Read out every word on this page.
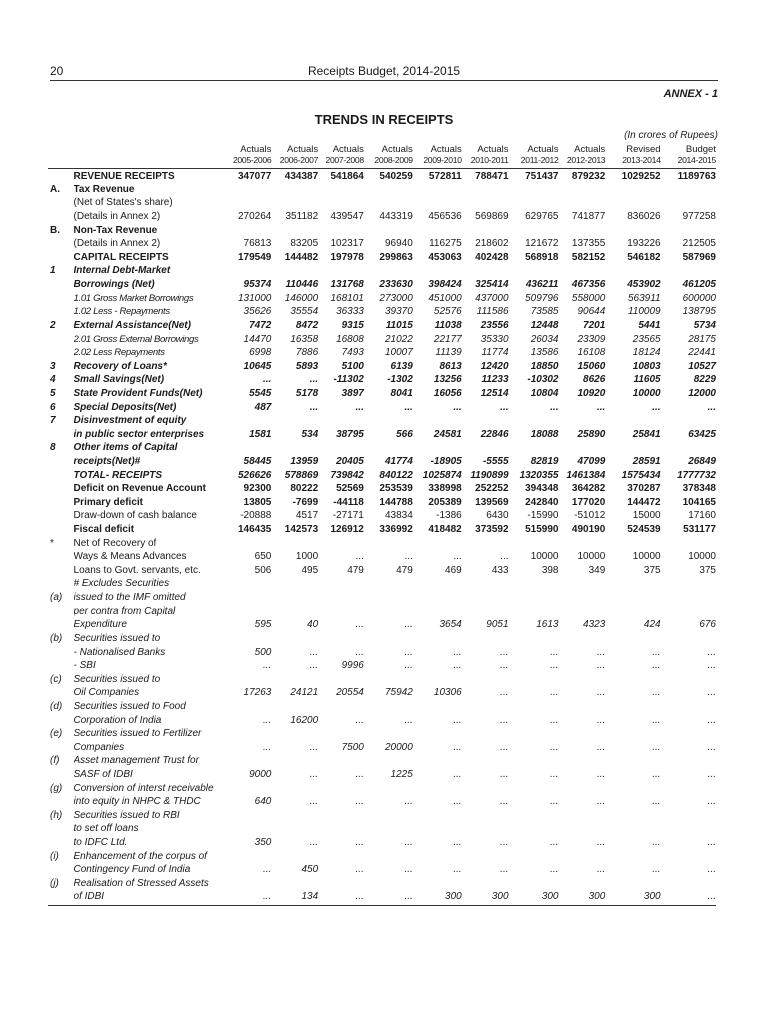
20	Receipts Budget, 2014-2015
ANNEX - 1
TRENDS IN RECEIPTS
(In crores of Rupees)
		Actuals	Actuals	Actuals	Actuals	Actuals	Actuals	Actuals	Actuals	Revised	Budget
		2005-2006	2006-2007	2007-2008	2008-2009	2009-2010	2010-2011	2011-2012	2012-2013	2013-2014	2014-2015
	REVENUE RECEIPTS	347077	434387	541864	540259	572811	788471	751437	879232	1029252	1189763
A.	Tax Revenue										
	(Net of States's share)										
	(Details in Annex 2)	270264	351182	439547	443319	456536	569869	629765	741877	836026	977258
B.	Non-Tax Revenue										
	(Details in Annex 2)	76813	83205	102317	96940	116275	218602	121672	137355	193226	212505
	CAPITAL RECEIPTS	179549	144482	197978	299863	453063	402428	568918	582152	546182	587969
1	Internal Debt-Market										
	Borrowings (Net)	95374	110446	131768	233630	398424	325414	436211	467356	453902	461205
	1.01 Gross Market Borrowings	131000	146000	168101	273000	451000	437000	509796	558000	563911	600000
	1.02 Less - Repayments	35626	35554	36333	39370	52576	111586	73585	90644	110009	138795
2	External Assistance(Net)	7472	8472	9315	11015	11038	23556	12448	7201	5441	5734
	2.01 Gross External Borrowings	14470	16358	16808	21022	22177	35330	26034	23309	23565	28175
	2.02 Less Repayments	6998	7886	7493	10007	11139	11774	13586	16108	18124	22441
3	Recovery of Loans*	10645	5893	5100	6139	8613	12420	18850	15060	10803	10527
4	Small Savings(Net)	...	...	-11302	-1302	13256	11233	-10302	8626	11605	8229
5	State Provident Funds(Net)	5545	5178	3897	8041	16056	12514	10804	10920	10000	12000
6	Special Deposits(Net)	487	...	...	...	...	...	...	...	...	...
7	Disinvestment of equity										
	in public sector enterprises	1581	534	38795	566	24581	22846	18088	25890	25841	63425
8	Other items of Capital										
	receipts(Net)#	58445	13959	20405	41774	-18905	-5555	82819	47099	28591	26849
	TOTAL- RECEIPTS	526626	578869	739842	840122	1025874	1190899	1320355	1461384	1575434	1777732
	Deficit on Revenue Account	92300	80222	52569	253539	338998	252252	394348	364282	370287	378348
	Primary deficit	13805	-7699	-44118	144788	205389	139569	242840	177020	144472	104165
	Draw-down of cash balance	-20888	4517	-27171	43834	-1386	6430	-15990	-51012	15000	17160
	Fiscal deficit	146435	142573	126912	336992	418482	373592	515990	490190	524539	531177
*	Net of Recovery of										
	Ways & Means Advances	650	1000	...	...	...	...	10000	10000	10000	10000
	Loans to Govt. servants, etc.	506	495	479	479	469	433	398	349	375	375
	# Excludes Securities										
(a)	issued to the IMF omitted										
	per contra from Capital										
	Expenditure	595	40	...	...	3654	9051	1613	4323	424	676
(b)	Securities issued to										
	- Nationalised Banks	500	...	...	...	...	...	...	...	...	...
	- SBI	...	...	9996	...	...	...	...	...	...	...
(c)	Securities issued to										
	Oil Companies	17263	24121	20554	75942	10306	...	...	...	...	...
(d)	Securities issued to Food										
	Corporation of India	...	16200	...	...	...	...	...	...	...	...
(e)	Securities issued to Fertilizer										
	Companies	...	...	7500	20000	...	...	...	...	...	...
(f)	Asset management Trust for										
	SASF of IDBI	9000	...	...	1225	...	...	...	...	...	...
(g)	Conversion of interst receivable										
	into equity in NHPC & THDC	640	...	...	...	...	...	...	...	...	...
(h)	Securities issued to RBI										
	to set off loans										
	to IDFC Ltd.	350	...	...	...	...	...	...	...	...	...
(i)	Enhancement of the corpus of										
	Contingency Fund of India	...	450	...	...	...	...	...	...	...	...
(j)	Realisation of Stressed Assets										
	of IDBI	...	134	...	...	300	300	300	300	300	...
